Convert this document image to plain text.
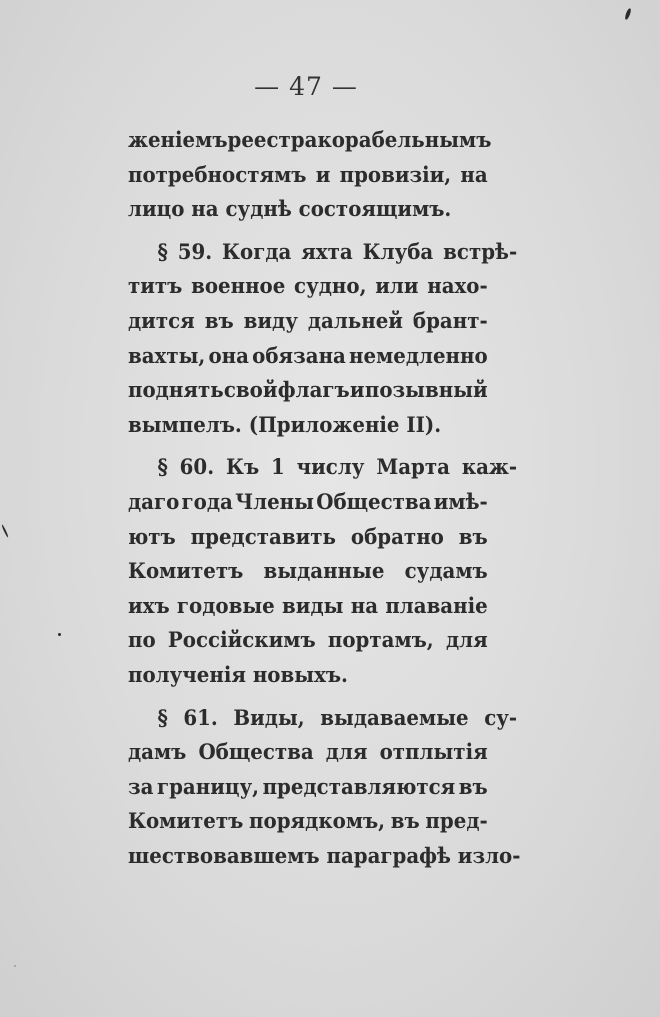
— 47 —
женіемъ реестра корабельнымъ
потребностямъ и провизіи, на
лицо на суднѣ состоящимъ.
§ 59. Когда яхта Клуба встрѣ-
титъ военное судно, или нахо-
дится въ виду дальней брант-
вахты, она обязана немедленно
поднять свой флагъ и позывный
вымпелъ. (Приложеніе II).
§ 60. Къ 1 числу Марта каж-
даго года Члены Общества имѣ-
ютъ представить обратно въ
Комитетъ выданные судамъ
ихъ годовые виды на плаваніе
по Россійскимъ портамъ, для
полученія новыхъ.
§ 61. Виды, выдаваемые су-
дамъ Общества для отплытія
за границу, представляются въ
Комитетъ порядкомъ, въ пред-
шествовавшемъ параграфѣ изло-
